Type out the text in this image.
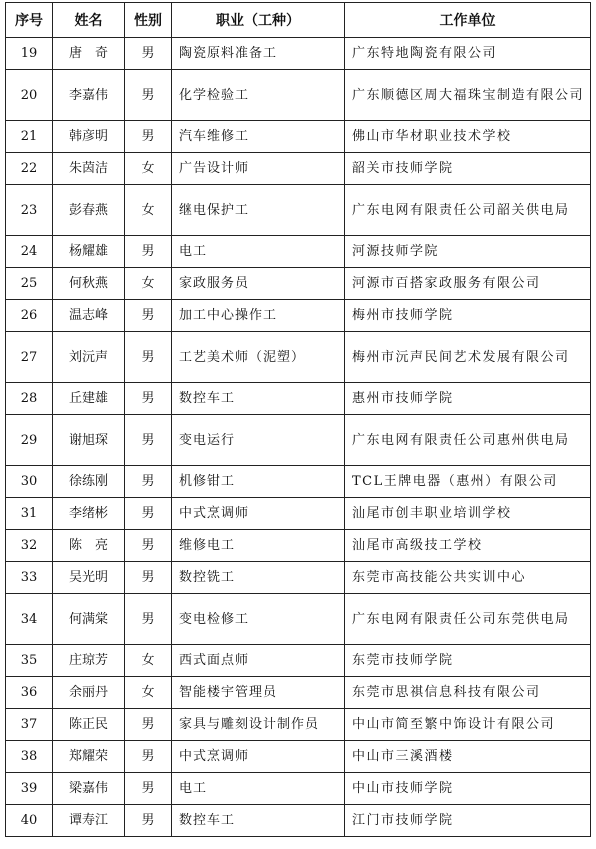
序号	姓名	性别	职业（工种）	工作单位
19	唐　奇	男	陶瓷原料准备工	广东特地陶瓷有限公司
20	李嘉伟	男	化学检验工	广东顺德区周大福珠宝制造有限公司
21	韩彦明	男	汽车维修工	佛山市华材职业技术学校
22	朱茵洁	女	广告设计师	韶关市技师学院
23	彭春燕	女	继电保护工	广东电网有限责任公司韶关供电局
24	杨耀雄	男	电工	河源技师学院
25	何秋燕	女	家政服务员	河源市百搭家政服务有限公司
26	温志峰	男	加工中心操作工	梅州市技师学院
27	刘沅声	男	工艺美术师（泥塑）	梅州市沅声民间艺术发展有限公司
28	丘建雄	男	数控车工	惠州市技师学院
29	谢旭琛	男	变电运行	广东电网有限责任公司惠州供电局
30	徐练刚	男	机修钳工	TCL王牌电器（惠州）有限公司
31	李绪彬	男	中式烹调师	汕尾市创丰职业培训学校
32	陈　亮	男	维修电工	汕尾市高级技工学校
33	吴光明	男	数控铣工	东莞市高技能公共实训中心
34	何满棠	男	变电检修工	广东电网有限责任公司东莞供电局
35	庄琼芳	女	西式面点师	东莞市技师学院
36	余丽丹	女	智能楼宇管理员	东莞市思祺信息科技有限公司
37	陈正民	男	家具与雕刻设计制作员	中山市简至繁中饰设计有限公司
38	郑耀荣	男	中式烹调师	中山市三溪酒楼
39	梁嘉伟	男	电工	中山市技师学院
40	谭寿江	男	数控车工	江门市技师学院
